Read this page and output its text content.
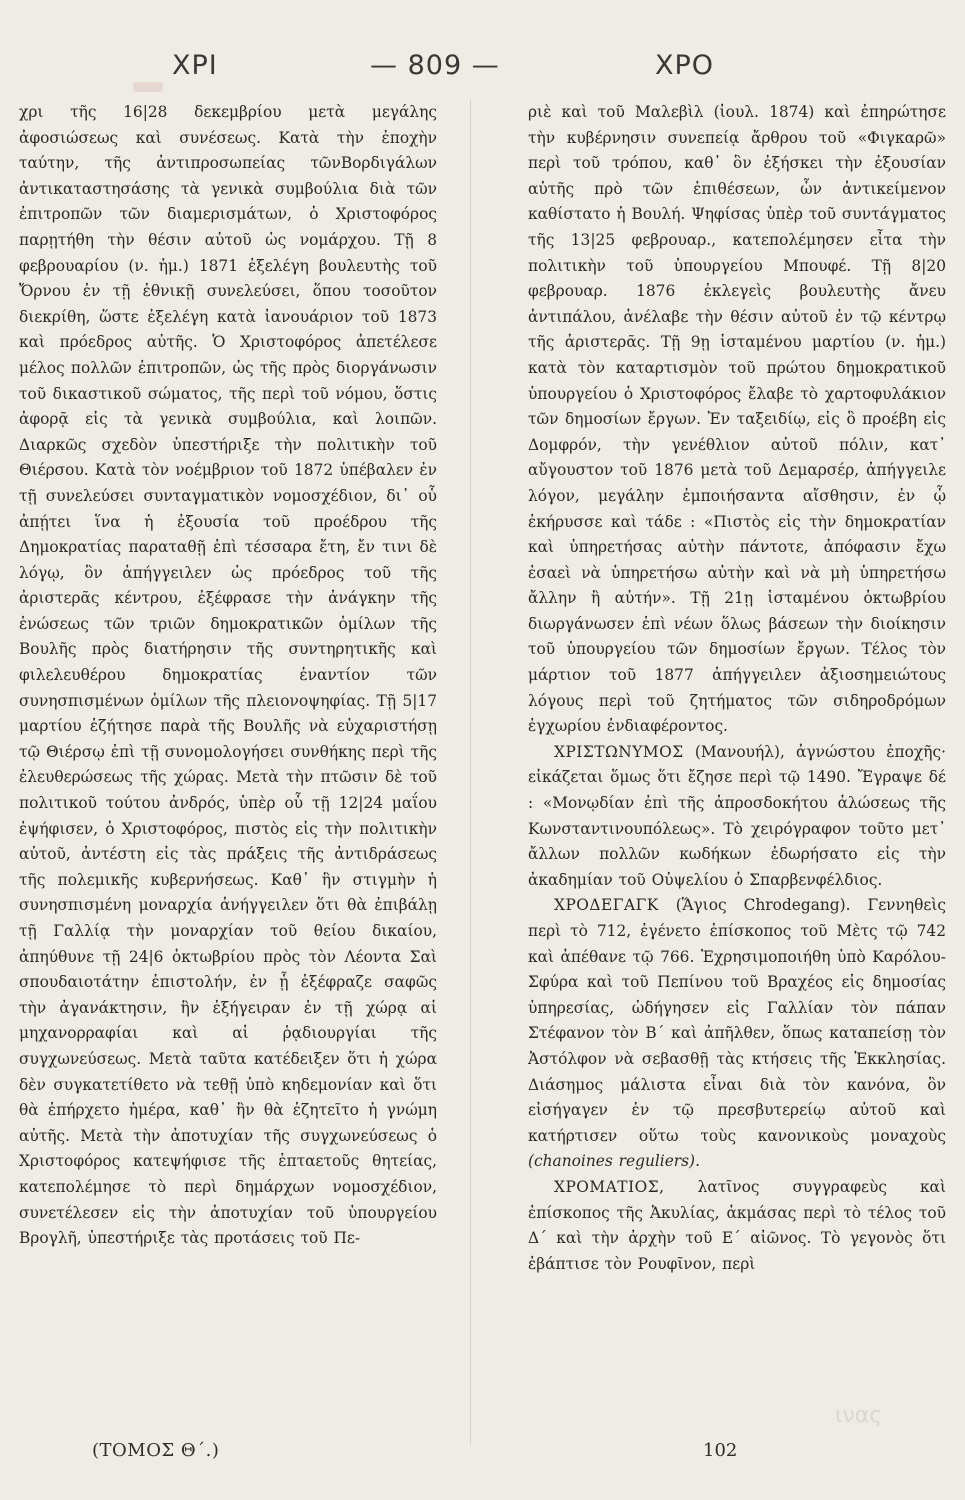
ΧΡΙ	— 809 —	ΧΡΟ

χρι τῆς 16|28 δεκεμβρίου μετὰ μεγάλης ἀφοσιώσεως καὶ συνέσεως. Κατὰ τὴν ἐποχὴν ταύτην, τῆς ἀντιπροσωπείας τῶνΒορδιγάλων ἀντικαταστησάσης τὰ γενικὰ συμβούλια διὰ τῶν ἐπιτροπῶν τῶν διαμερισμάτων, ὁ Χριστοφόρος παρῃτήθη τὴν θέσιν αὐτοῦ ὡς νομάρχου. Τῇ 8 φεβρουαρίου (ν. ἡμ.) 1871 ἐξελέγη βουλευτὴς τοῦ Ὄρνου ἐν τῇ ἐθνικῇ συνελεύσει, ὅπου τοσοῦτον διεκρίθη, ὥστε ἐξελέγη κατὰ ἰανουάριον τοῦ 1873 καὶ πρόεδρος αὐτῆς. Ὁ Χριστοφόρος ἀπετέλεσε μέλος πολλῶν ἐπιτροπῶν, ὡς τῆς πρὸς διοργάνωσιν τοῦ δικαστικοῦ σώματος, τῆς περὶ τοῦ νόμου, ὅστις ἀφορᾷ εἰς τὰ γενικὰ συμβούλια, καὶ λοιπῶν. Διαρκῶς σχεδὸν ὑπεστήριξε τὴν πολιτικὴν τοῦ Θιέρσου. Κατὰ τὸν νοέμβριον τοῦ 1872 ὑπέβαλεν ἐν τῇ συνελεύσει συνταγματικὸν νομοσχέδιον, δι᾽ οὗ ἀπῄτει ἵνα ἡ ἐξουσία τοῦ προέδρου τῆς Δημοκρατίας παραταθῇ ἐπὶ τέσσαρα ἔτη, ἔν τινι δὲ λόγῳ, ὃν ἀπήγγειλεν ὡς πρόεδρος τοῦ τῆς ἀριστερᾶς κέντρου, ἐξέφρασε τὴν ἀνάγκην τῆς ἑνώσεως τῶν τριῶν δημοκρατικῶν ὁμίλων τῆς Βουλῆς πρὸς διατήρησιν τῆς συντηρητικῆς καὶ φιλελευθέρου δημοκρατίας ἐναντίον τῶν συνησπισμένων ὁμίλων τῆς πλειονοψηφίας. Τῇ 5|17 μαρτίου ἐζήτησε παρὰ τῆς Βουλῆς νὰ εὐχαριστήσῃ τῷ Θιέρσῳ ἐπὶ τῇ συνομολογήσει συνθήκης περὶ τῆς ἐλευθερώσεως τῆς χώρας. Μετὰ τὴν πτῶσιν δὲ τοῦ πολιτικοῦ τούτου ἀνδρός, ὑπὲρ οὗ τῇ 12|24 μαΐου ἐψήφισεν, ὁ Χριστοφόρος, πιστὸς εἰς τὴν πολιτικὴν αὐτοῦ, ἀντέστη εἰς τὰς πράξεις τῆς ἀντιδράσεως τῆς πολεμικῆς κυβερνήσεως. Καθ᾽ ἣν στιγμὴν ἡ συνησπισμένη μοναρχία ἀνήγγειλεν ὅτι θὰ ἐπιβάλῃ τῇ Γαλλίᾳ τὴν μοναρχίαν τοῦ θείου δικαίου, ἀπηύθυνε τῇ 24|6 ὀκτωβρίου πρὸς τὸν Λέοντα Σαὶ σπουδαιοτάτην ἐπιστολήν, ἐν ᾗ ἐξέφραζε σαφῶς τὴν ἀγανάκτησιν, ἣν ἐξήγειραν ἐν τῇ χώρᾳ αἱ μηχανορραφίαι καὶ αἱ ῥᾳδιουργίαι τῆς συγχωνεύσεως. Μετὰ ταῦτα κατέδειξεν ὅτι ἡ χώρα δὲν συγκατετίθετο νὰ τεθῇ ὑπὸ κηδεμονίαν καὶ ὅτι θὰ ἐπήρχετο ἡμέρα, καθ᾽ ἣν θὰ ἐζητεῖτο ἡ γνώμη αὐτῆς. Μετὰ τὴν ἀποτυχίαν τῆς συγχωνεύσεως ὁ Χριστοφόρος κατεψήφισε τῆς ἑπταετοῦς θητείας, κατεπολέμησε τὸ περὶ δημάρχων νομοσχέδιον, συνετέλεσεν εἰς τὴν ἀποτυχίαν τοῦ ὑπουργείου Βρογλῆ, ὑπεστήριξε τὰς προτάσεις τοῦ Πε-

ριὲ καὶ τοῦ Μαλεβὶλ (ἰουλ. 1874) καὶ ἐπηρώτησε τὴν κυβέρνησιν συνεπείᾳ ἄρθρου τοῦ «Φιγκαρῶ» περὶ τοῦ τρόπου, καθ᾽ ὃν ἐξήσκει τὴν ἐξουσίαν αὐτῆς πρὸ τῶν ἐπιθέσεων, ὧν ἀντικείμενον καθίστατο ἡ Βουλή. Ψηφίσας ὑπὲρ τοῦ συντάγματος τῆς 13|25 φεβρουαρ., κατεπολέμησεν εἶτα τὴν πολιτικὴν τοῦ ὑπουργείου Μπουφέ. Τῇ 8|20 φεβρουαρ. 1876 ἐκλεγεὶς βουλευτὴς ἄνευ ἀντιπάλου, ἀνέλαβε τὴν θέσιν αὐτοῦ ἐν τῷ κέντρῳ τῆς ἀριστερᾶς. Τῇ 9ῃ ἱσταμένου μαρτίου (ν. ἡμ.) κατὰ τὸν καταρτισμὸν τοῦ πρώτου δημοκρατικοῦ ὑπουργείου ὁ Χριστοφόρος ἔλαβε τὸ χαρτοφυλάκιον τῶν δημοσίων ἔργων. Ἐν ταξειδίῳ, εἰς ὃ προέβη εἰς Δομφρόν, τὴν γενέθλιον αὐτοῦ πόλιν, κατ᾽ αὔγουστον τοῦ 1876 μετὰ τοῦ Δεμαρσέρ, ἀπήγγειλε λόγον, μεγάλην ἐμποιήσαντα αἴσθησιν, ἐν ᾧ ἐκήρυσσε καὶ τάδε : «Πιστὸς εἰς τὴν δημοκρατίαν καὶ ὑπηρετήσας αὐτὴν πάντοτε, ἀπόφασιν ἔχω ἐσαεὶ νὰ ὑπηρετήσω αὐτὴν καὶ νὰ μὴ ὑπηρετήσω ἄλλην ἢ αὐτήν». Τῇ 21ῃ ἱσταμένου ὀκτωβρίου διωργάνωσεν ἐπὶ νέων ὅλως βάσεων τὴν διοίκησιν τοῦ ὑπουργείου τῶν δημοσίων ἔργων. Τέλος τὸν μάρτιον τοῦ 1877 ἀπήγγειλεν ἀξιοσημειώτους λόγους περὶ τοῦ ζητήματος τῶν σιδηροδρόμων ἐγχωρίου ἐνδιαφέροντος.

ΧΡΙΣΤΩΝΥΜΟΣ (Μανουήλ), ἀγνώστου ἐποχῆς· εἰκάζεται ὅμως ὅτι ἔζησε περὶ τῷ 1490. Ἔγραψε δέ : «Μονῳδίαν ἐπὶ τῆς ἀπροσδοκήτου ἁλώσεως τῆς Κωνσταντινουπόλεως». Τὸ χειρόγραφον τοῦτο μετ᾽ ἄλλων πολλῶν κωδήκων ἐδωρήσατο εἰς τὴν ἀκαδημίαν τοῦ Οὐψελίου ὁ Σπαρβενφέλδιος.

ΧΡΟΔΕΓΑΓΚ (Ἅγιος Chrodegang). Γεννηθεὶς περὶ τὸ 712, ἐγένετο ἐπίσκοπος τοῦ Μὲτς τῷ 742 καὶ ἀπέθανε τῷ 766. Ἐχρησιμοποιήθη ὑπὸ Καρόλου-Σφύρα καὶ τοῦ Πεπίνου τοῦ Βραχέος εἰς δημοσίας ὑπηρεσίας, ὡδήγησεν εἰς Γαλλίαν τὸν πάπαν Στέφανον τὸν Β΄ καὶ ἀπῆλθεν, ὅπως καταπείσῃ τὸν Ἀστόλφον νὰ σεβασθῇ τὰς κτήσεις τῆς Ἐκκλησίας. Διάσημος μάλιστα εἶναι διὰ τὸν κανόνα, ὃν εἰσήγαγεν ἐν τῷ πρεσβυτερείῳ αὐτοῦ καὶ κατήρτισεν οὕτω τοὺς κανονικοὺς μοναχοὺς (chanoines reguliers).

ΧΡΟΜΑΤΙΟΣ, λατῖνος συγγραφεὺς καὶ ἐπίσκοπος τῆς Ἀκυλίας, ἀκμάσας περὶ τὸ τέλος τοῦ Δ΄ καὶ τὴν ἀρχὴν τοῦ Ε΄ αἰῶνος. Τὸ γεγονὸς ὅτι ἐβάπτισε τὸν Ρουφῖνον, περὶ

ινας
(ΤΟΜΟΣ Θ΄.)	102
